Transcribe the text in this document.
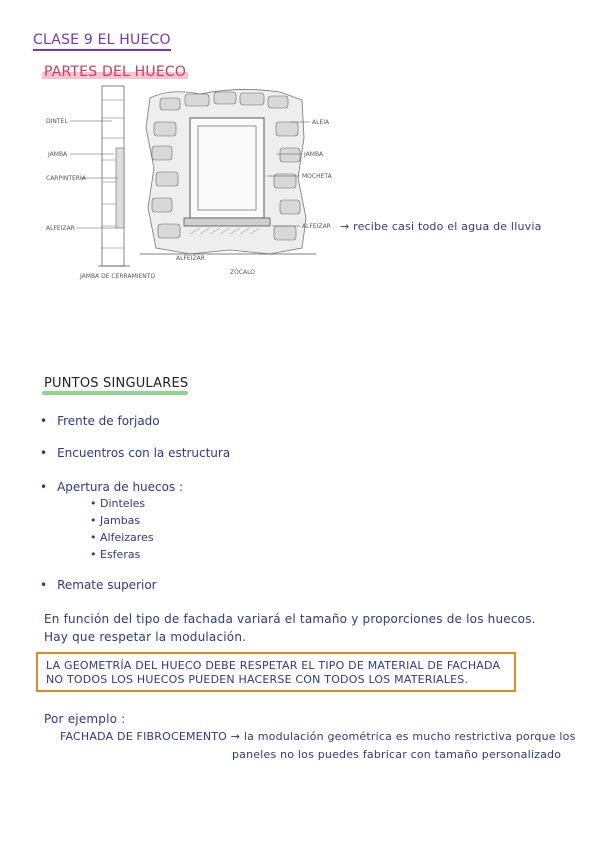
CLASE 9 EL HUECO
PARTES DEL HUECO
DINTEL
JAMBA
CARPINTERÍA
ALFEIZAR
JAMBA DE CERRAMIENTO
ALEIA
JAMBA
MOCHETA
ALFEIZAR
ALFEIZAR
ZÓCALO
→ recibe casi todo el agua de lluvia
PUNTOS SINGULARES
• Frente de forjado
• Encuentros con la estructura
• Apertura de huecos :
• Dinteles
• Jambas
• Alfeizares
• Esferas
• Remate superior
En función del tipo de fachada variará el tamaño y proporciones de los huecos.
Hay que respetar la modulación.
LA GEOMETRÍA DEL HUECO DEBE RESPETAR EL TIPO DE MATERIAL DE FACHADA
NO TODOS LOS HUECOS PUEDEN HACERSE CON TODOS LOS MATERIALES.
Por ejemplo :
FACHADA DE FIBROCEMENTO → la modulación geométrica es mucho restrictiva porque los
paneles no los puedes fabricar con tamaño personalizado
